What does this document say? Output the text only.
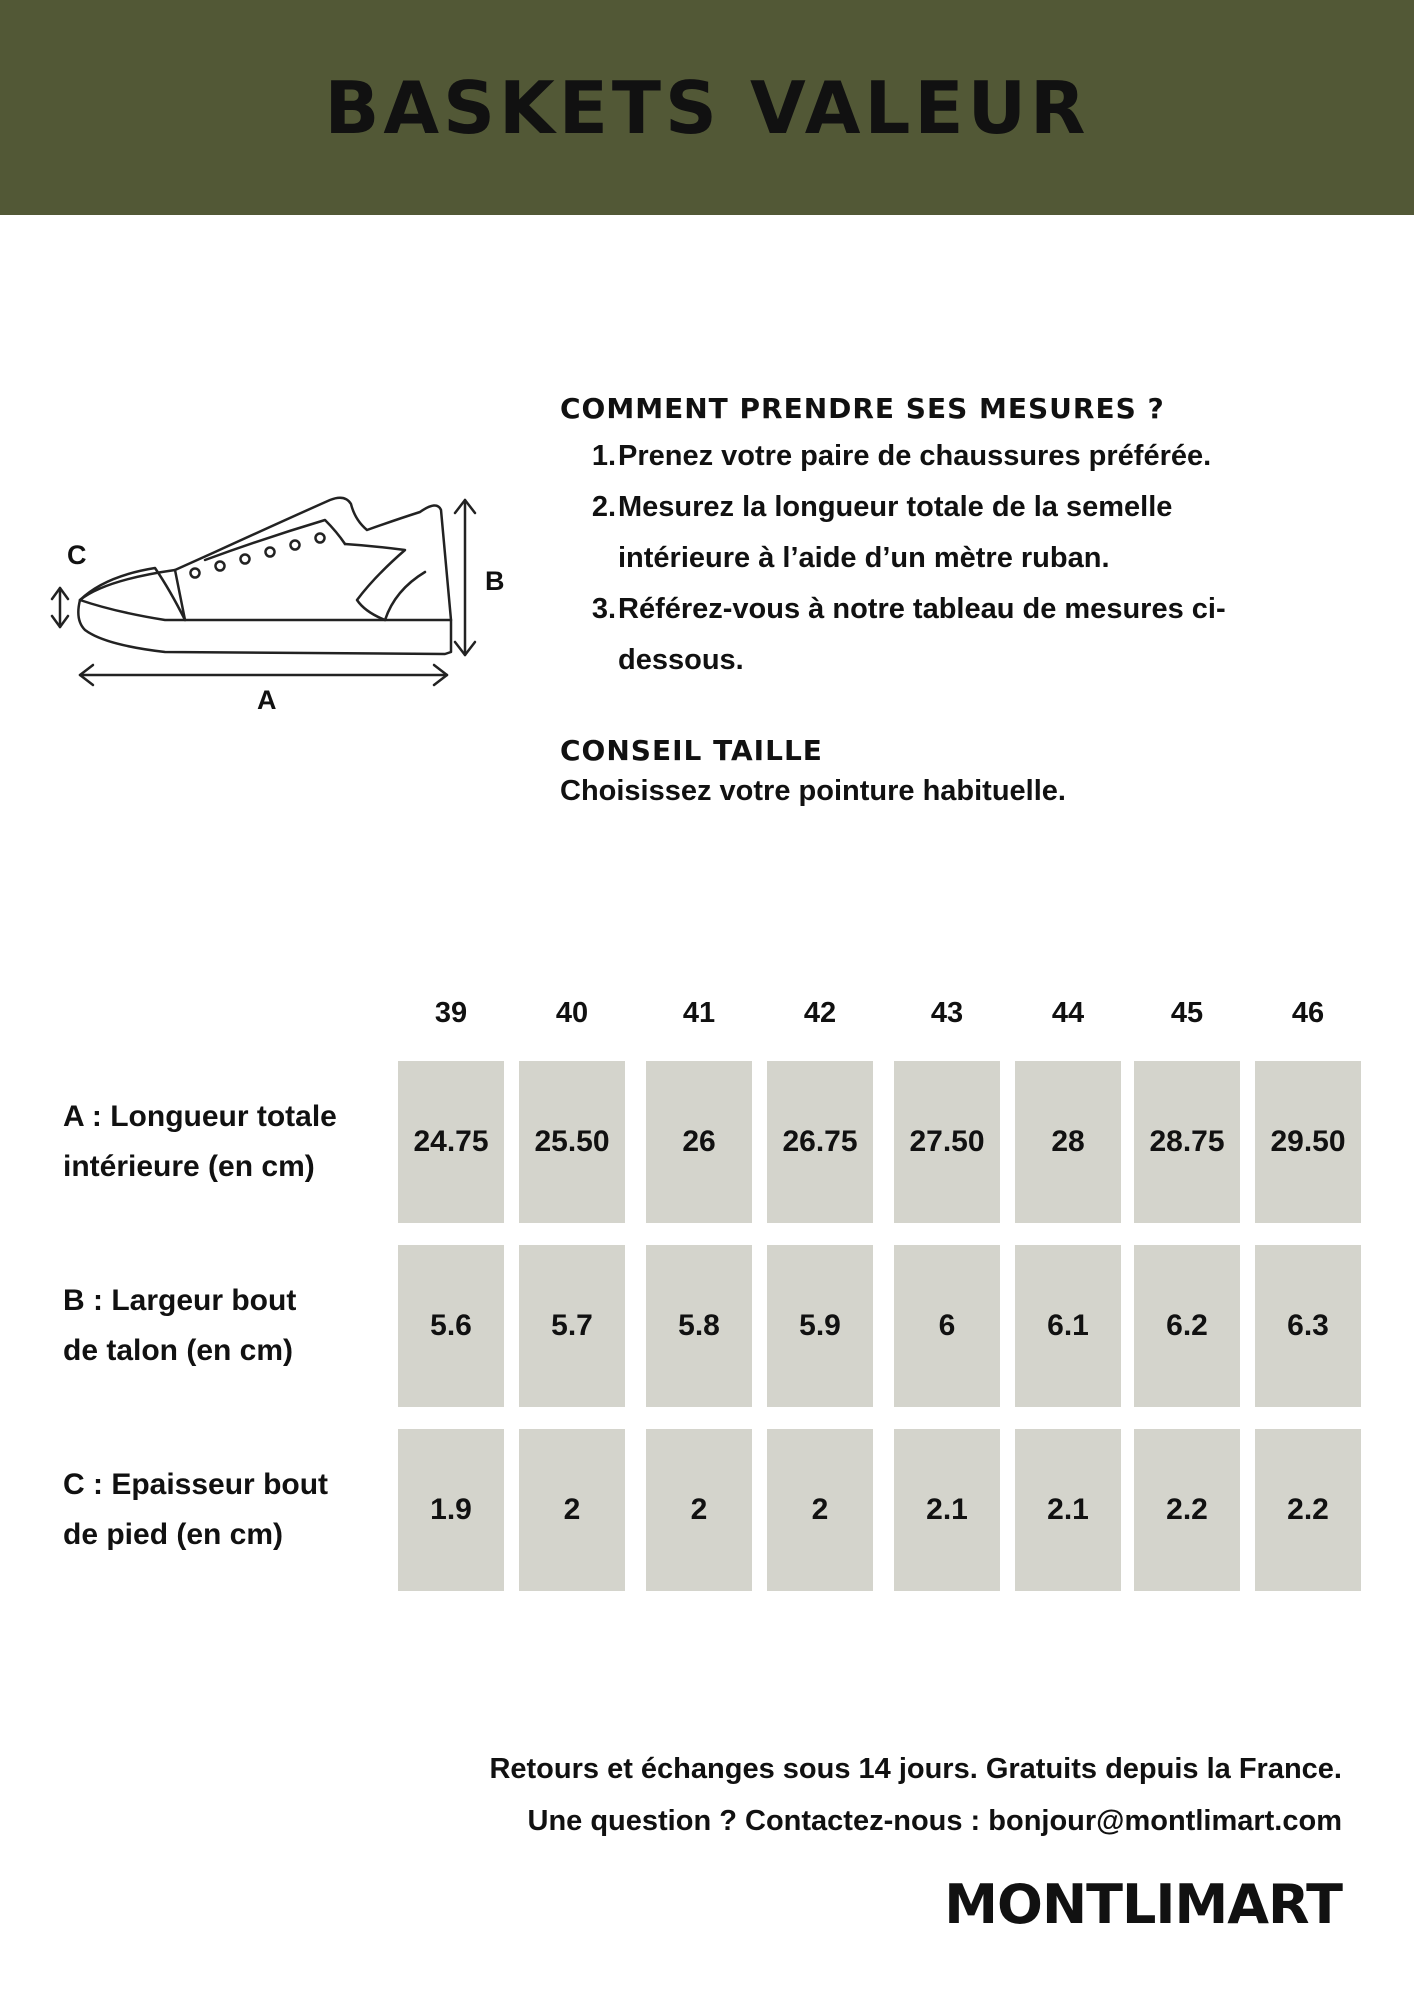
BASKETS VALEUR
C
B
A
COMMENT PRENDRE SES MESURES ?
1. Prenez votre paire de chaussures préférée.
2. Mesurez la longueur totale de la semelle intérieure à l’aide d’un mètre ruban.
3. Référez-vous à notre tableau de mesures ci-dessous.
CONSEIL TAILLE
Choisissez votre pointure habituelle.
39	40	41	42	43	44	45	46
A : Longueur totale
intérieure (en cm)
24.75	25.50	26	26.75	27.50	28	28.75	29.50
B : Largeur bout
de talon (en cm)
5.6	5.7	5.8	5.9	6	6.1	6.2	6.3
C : Epaisseur bout
de pied (en cm)
1.9	2	2	2	2.1	2.1	2.2	2.2
Retours et échanges sous 14 jours. Gratuits depuis la France.
Une question ? Contactez-nous : bonjour@montlimart.com
MONTLIMART
